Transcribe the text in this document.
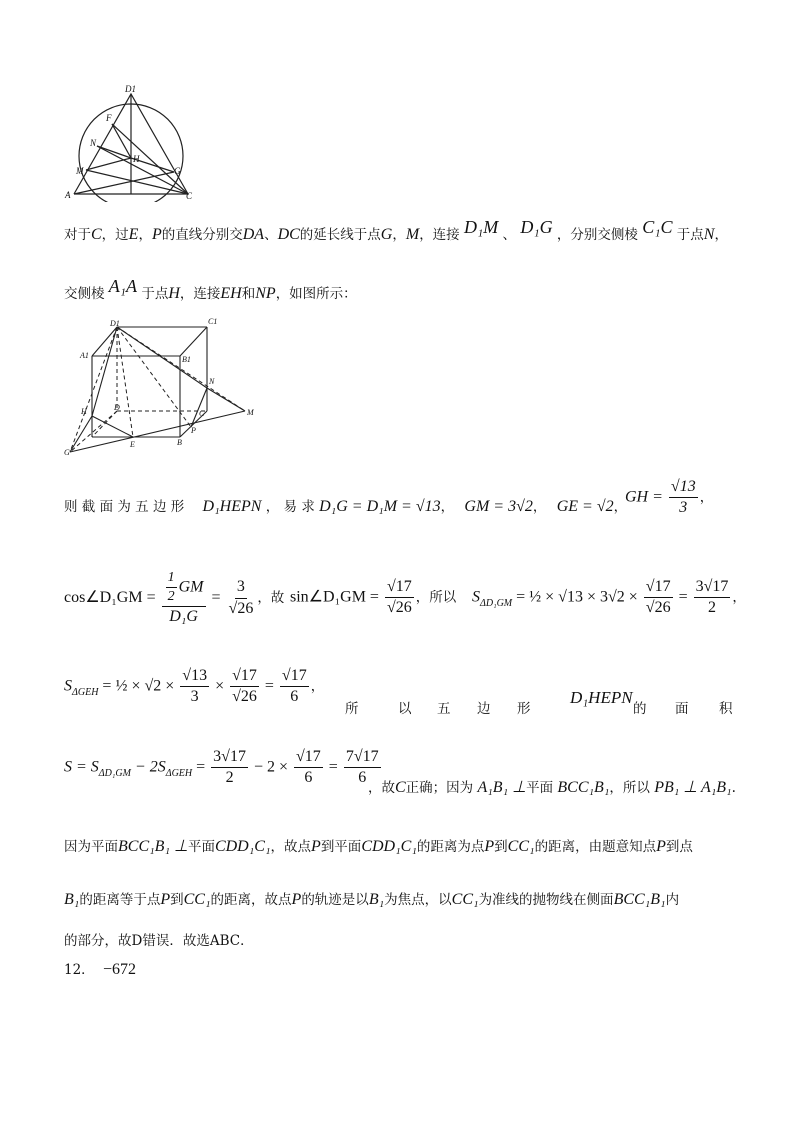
D1
F
N
H
M	G
A	C
对于C，过E，P的直线分别交DA、DC的延长线于点G，M，连接 D₁M 、 D₁G ，分别交侧棱 C₁C 于点N，
交侧棱 A₁A 于点H，连接EH和NP，如图所示：
D1	C1
A1	B1
N
H	D
C	M
P
G
E	B
则 截 面 为 五 边 形 D₁HEPN ， 易 求 D₁G = D₁M = √13， GM = 3√2， GE = √2，
GH = $\frac{√13}{3}$ ，
cos∠D₁GM = $\frac{\frac{1}{2} GM}{\text{D₁G}} = \frac{3}{√26}$ ，故 sin∠D₁GM = $\frac{√17}{√26}$ ，所以 $S_{\Delta D_1GM}$ = ½ × $√13 \times 3√2 \times \frac{√17}{√26} = \frac{3√17}{2}$ ，
$S_{\Delta GEH}$ = ½ × $√2 \times \frac{√13}{3} \times \frac{√17}{√26} = \frac{√17}{6}$ ，
所	以 五 边 形
D₁HEPN
的 面 积
$S = S_{\Delta D_1GM} - 2S_{\Delta GEH} = \frac{3√17}{2} - 2 \times \frac{√17}{6} = \frac{7√17}{6}$
，故C正确；因为 A₁B₁ ⊥平面 BCC₁B₁，所以 PB₁ ⊥ A₁B₁.
因为平面BCC₁B₁ ⊥平面CDD₁C₁，故点P到平面CDD₁C₁的距离为点P到CC₁的距离，由题意知点P到点
B₁的距离等于点P到CC₁的距离，故点P的轨迹是以B₁为焦点，以CC₁为准线的抛物线在侧面BCC₁B₁内
的部分，故D错误．故选ABC．
12． −672
